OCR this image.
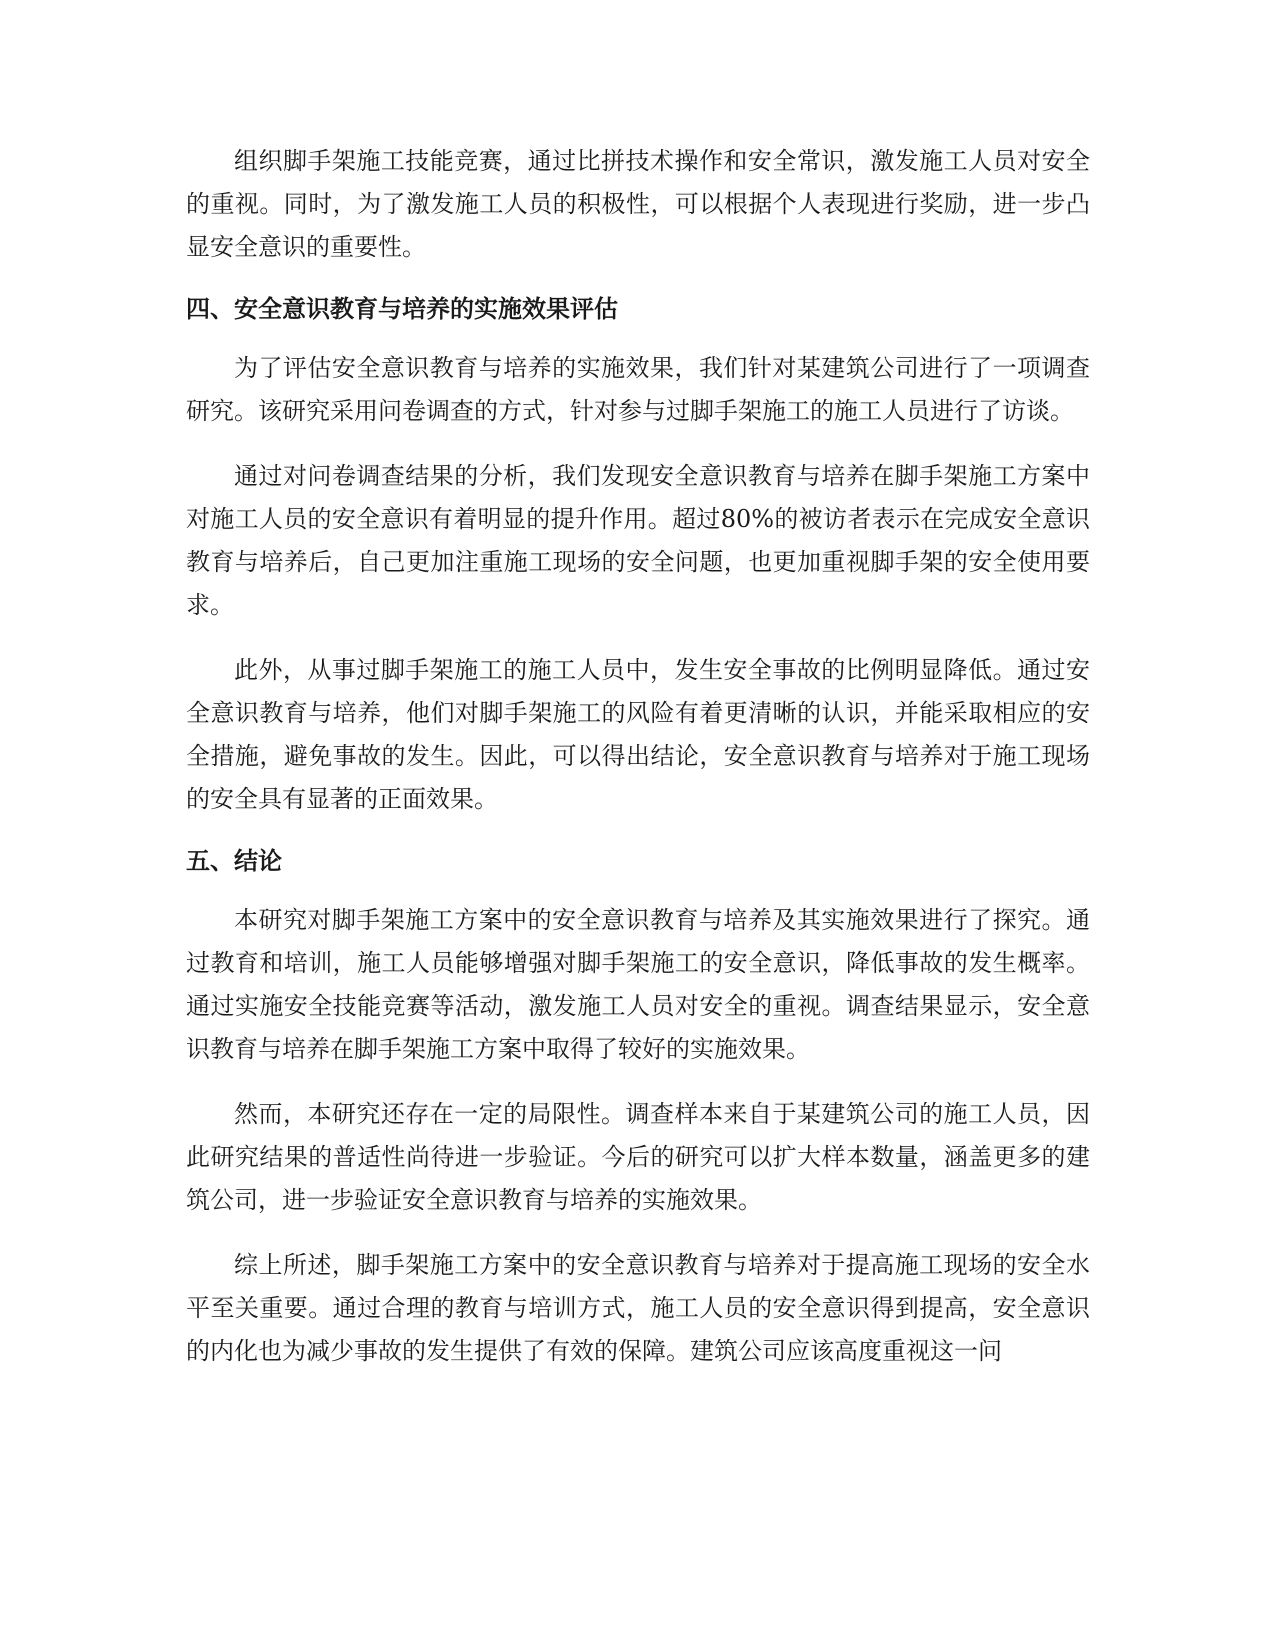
组织脚手架施工技能竞赛，通过比拼技术操作和安全常识，激发施工人员对安全的重视。同时，为了激发施工人员的积极性，可以根据个人表现进行奖励，进一步凸显安全意识的重要性。

四、安全意识教育与培养的实施效果评估

为了评估安全意识教育与培养的实施效果，我们针对某建筑公司进行了一项调查研究。该研究采用问卷调查的方式，针对参与过脚手架施工的施工人员进行了访谈。

通过对问卷调查结果的分析，我们发现安全意识教育与培养在脚手架施工方案中对施工人员的安全意识有着明显的提升作用。超过80%的被访者表示在完成安全意识教育与培养后，自己更加注重施工现场的安全问题，也更加重视脚手架的安全使用要求。

此外，从事过脚手架施工的施工人员中，发生安全事故的比例明显降低。通过安全意识教育与培养，他们对脚手架施工的风险有着更清晰的认识，并能采取相应的安全措施，避免事故的发生。因此，可以得出结论，安全意识教育与培养对于施工现场的安全具有显著的正面效果。

五、结论

本研究对脚手架施工方案中的安全意识教育与培养及其实施效果进行了探究。通过教育和培训，施工人员能够增强对脚手架施工的安全意识，降低事故的发生概率。通过实施安全技能竞赛等活动，激发施工人员对安全的重视。调查结果显示，安全意识教育与培养在脚手架施工方案中取得了较好的实施效果。

然而，本研究还存在一定的局限性。调查样本来自于某建筑公司的施工人员，因此研究结果的普适性尚待进一步验证。今后的研究可以扩大样本数量，涵盖更多的建筑公司，进一步验证安全意识教育与培养的实施效果。

综上所述，脚手架施工方案中的安全意识教育与培养对于提高施工现场的安全水平至关重要。通过合理的教育与培训方式，施工人员的安全意识得到提高，安全意识的内化也为减少事故的发生提供了有效的保障。建筑公司应该高度重视这一问
